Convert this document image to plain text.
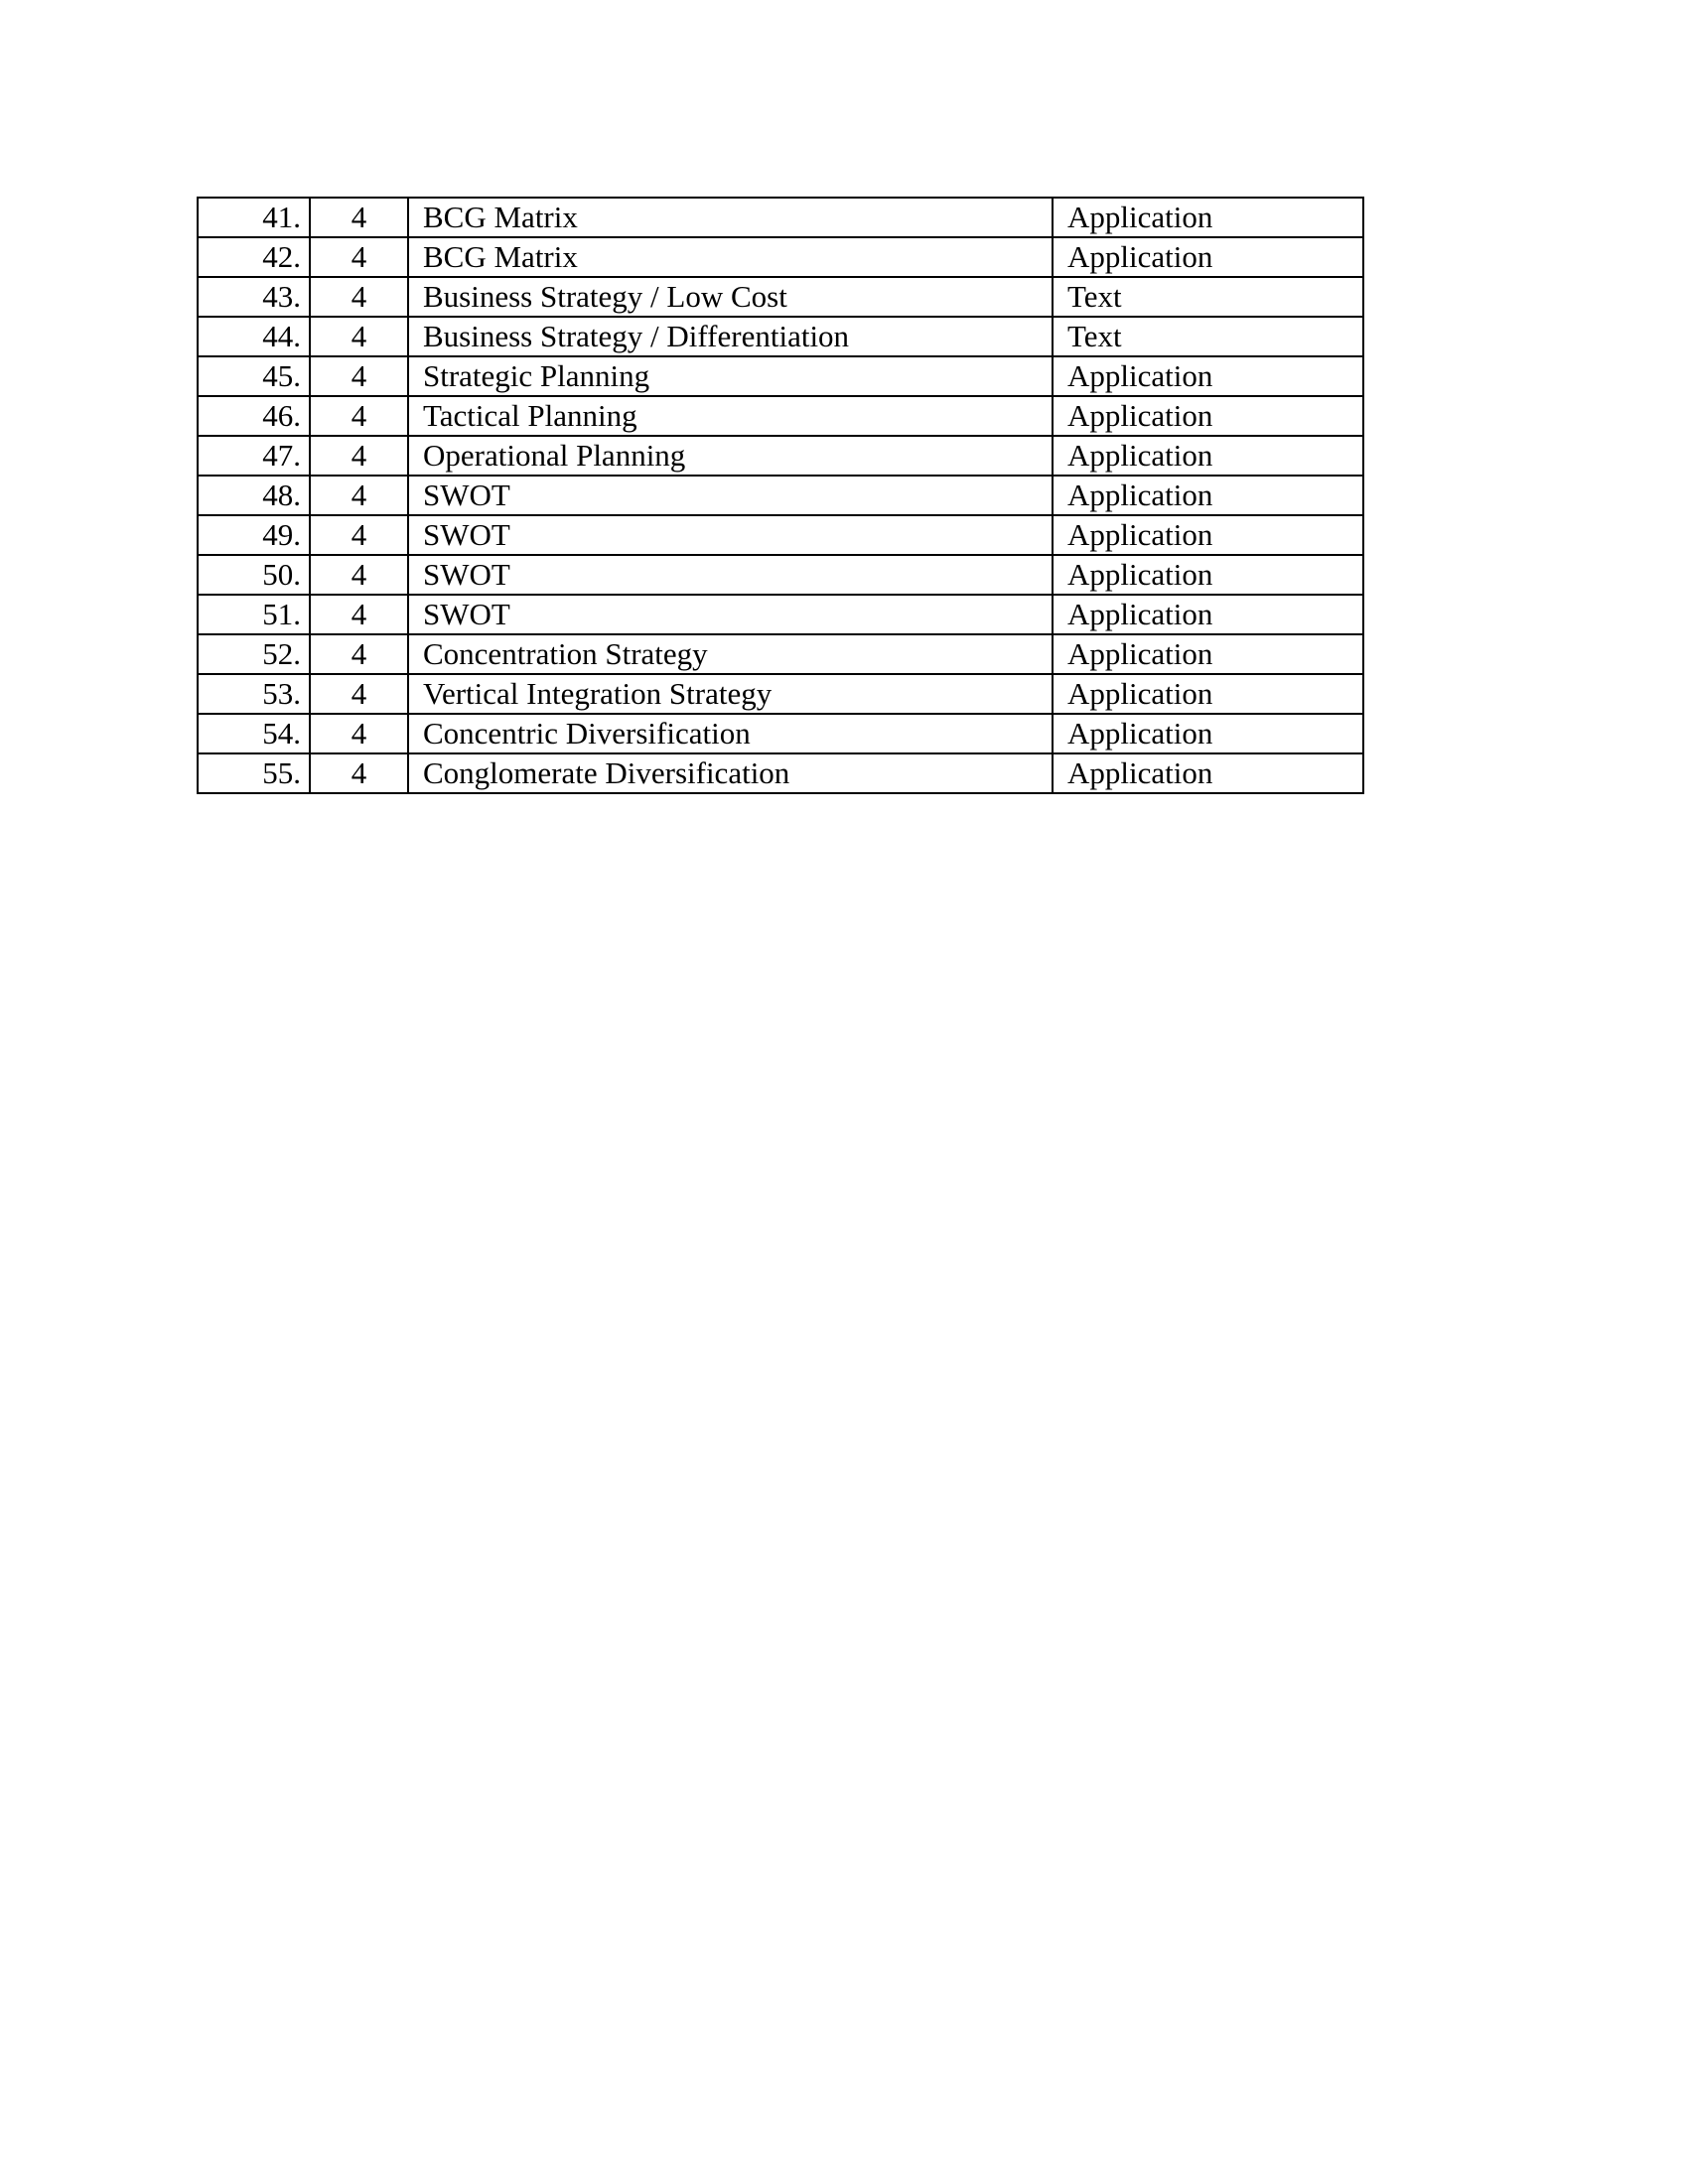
41.	4	BCG Matrix	Application
42.	4	BCG Matrix	Application
43.	4	Business Strategy / Low Cost	Text
44.	4	Business Strategy / Differentiation	Text
45.	4	Strategic Planning	Application
46.	4	Tactical Planning	Application
47.	4	Operational Planning	Application
48.	4	SWOT	Application
49.	4	SWOT	Application
50.	4	SWOT	Application
51.	4	SWOT	Application
52.	4	Concentration Strategy	Application
53.	4	Vertical Integration Strategy	Application
54.	4	Concentric Diversification	Application
55.	4	Conglomerate Diversification	Application
